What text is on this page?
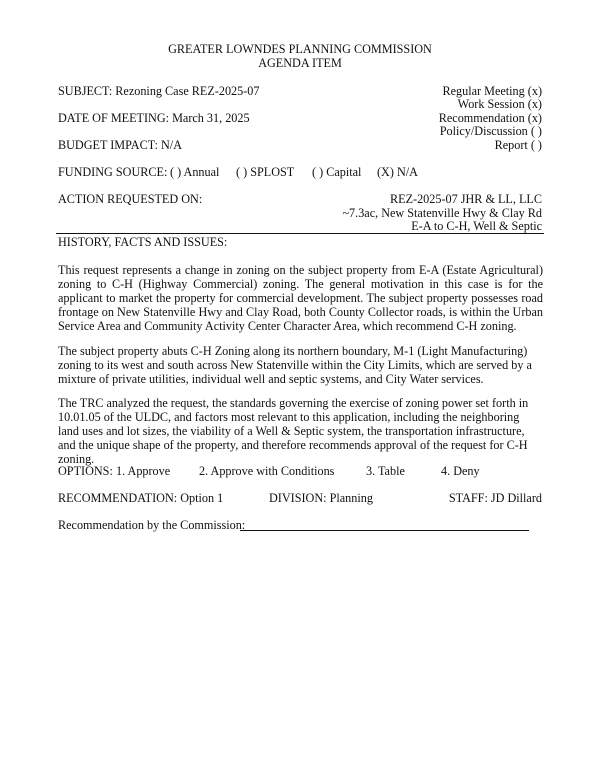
GREATER LOWNDES PLANNING COMMISSION
AGENDA ITEM
SUBJECT: Rezoning Case REZ-2025-07
DATE OF MEETING: March 31, 2025
BUDGET IMPACT: N/A
Regular Meeting (x)
Work Session (x)
Recommendation (x)
Policy/Discussion ( )
Report ( )
FUNDING SOURCE: ( ) Annual ( ) SPLOST ( ) Capital (X) N/A
ACTION REQUESTED ON:	REZ-2025-07 JHR & LL, LLC
~7.3ac, New Statenville Hwy & Clay Rd
E-A to C-H, Well & Septic
HISTORY, FACTS AND ISSUES:
This request represents a change in zoning on the subject property from E-A (Estate Agricultural) zoning to C-H (Highway Commercial) zoning. The general motivation in this case is for the applicant to market the property for commercial development. The subject property possesses road frontage on New Statenville Hwy and Clay Road, both County Collector roads, is within the Urban Service Area and Community Activity Center Character Area, which recommend C-H zoning.
The subject property abuts C-H Zoning along its northern boundary, M-1 (Light Manufacturing) zoning to its west and south across New Statenville within the City Limits, which are served by a mixture of private utilities, individual well and septic systems, and City Water services.
The TRC analyzed the request, the standards governing the exercise of zoning power set forth in 10.01.05 of the ULDC, and factors most relevant to this application, including the neighboring land uses and lot sizes, the viability of a Well & Septic system, the transportation infrastructure, and the unique shape of the property, and therefore recommends approval of the request for C-H zoning.
OPTIONS: 1. Approve 2. Approve with Conditions	3. Table	4. Deny
RECOMMENDATION: Option 1	DIVISION: Planning	STAFF: JD Dillard
Recommendation by the Commission:
